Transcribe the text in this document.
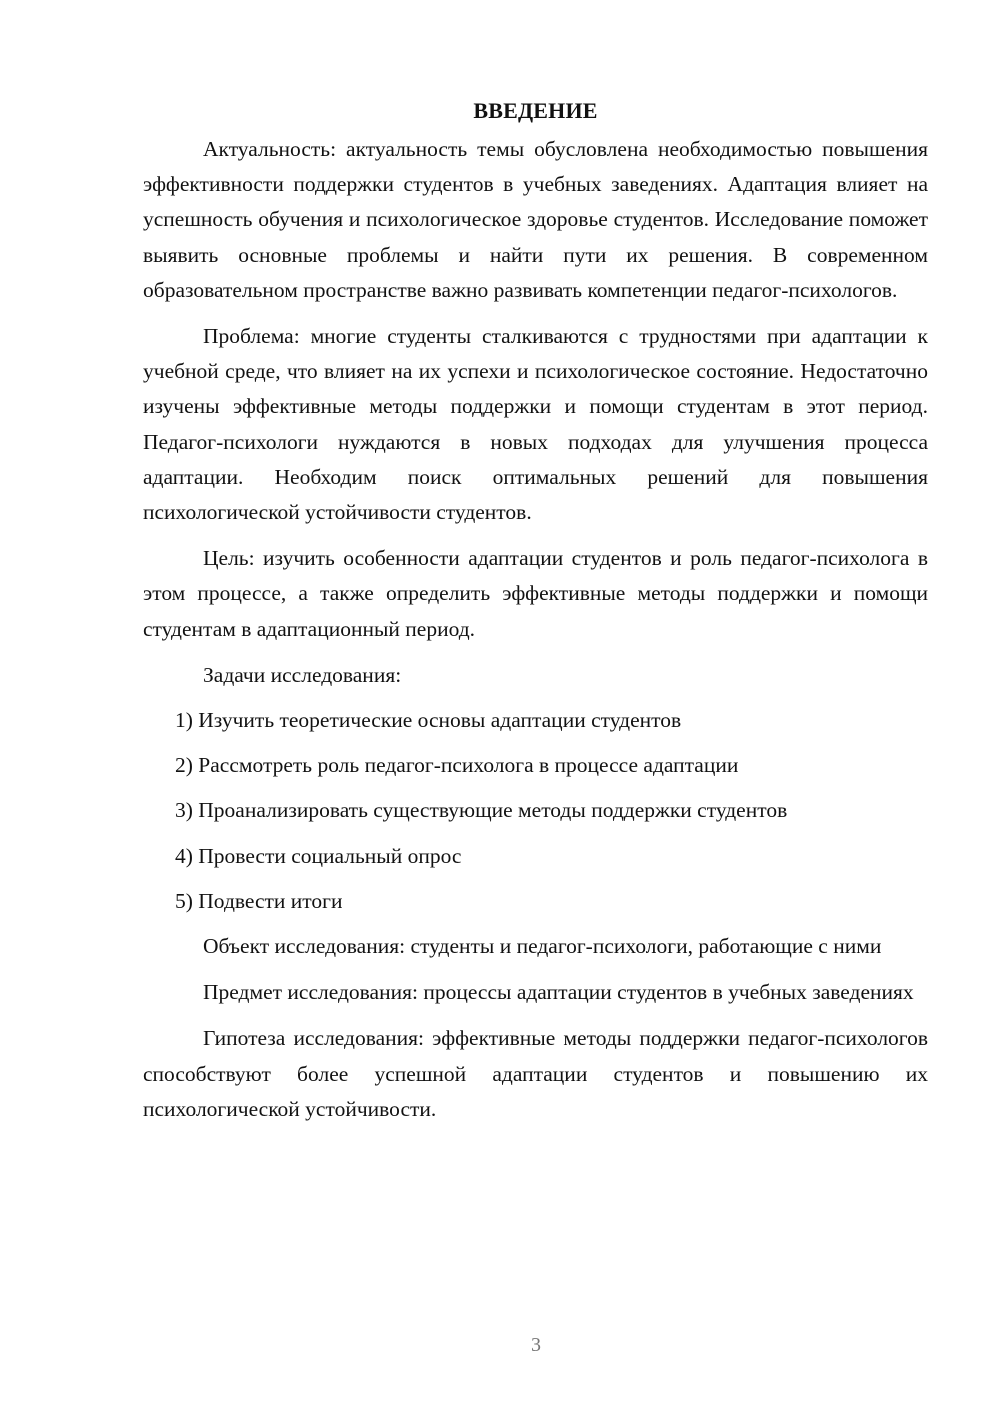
ВВЕДЕНИЕ

Актуальность: актуальность темы обусловлена необходимостью повышения эффективности поддержки студентов в учебных заведениях. Адаптация влияет на успешность обучения и психологическое здоровье студентов. Исследование поможет выявить основные проблемы и найти пути их решения. В современном образовательном пространстве важно развивать компетенции педагог-психологов.

Проблема: многие студенты сталкиваются с трудностями при адаптации к учебной среде, что влияет на их успехи и психологическое состояние. Недостаточно изучены эффективные методы поддержки и помощи студентам в этот период. Педагог-психологи нуждаются в новых подходах для улучшения процесса адаптации. Необходим поиск оптимальных решений для повышения психологической устойчивости студентов.

Цель: изучить особенности адаптации студентов и роль педагог-психолога в этом процессе, а также определить эффективные методы поддержки и помощи студентам в адаптационный период.

Задачи исследования:

1) Изучить теоретические основы адаптации студентов
2) Рассмотреть роль педагог-психолога в процессе адаптации
3) Проанализировать существующие методы поддержки студентов
4) Провести социальный опрос
5) Подвести итоги

Объект исследования: студенты и педагог-психологи, работающие с ними

Предмет исследования: процессы адаптации студентов в учебных заведениях

Гипотеза исследования: эффективные методы поддержки педагог-психологов способствуют более успешной адаптации студентов и повышению их психологической устойчивости.

3
